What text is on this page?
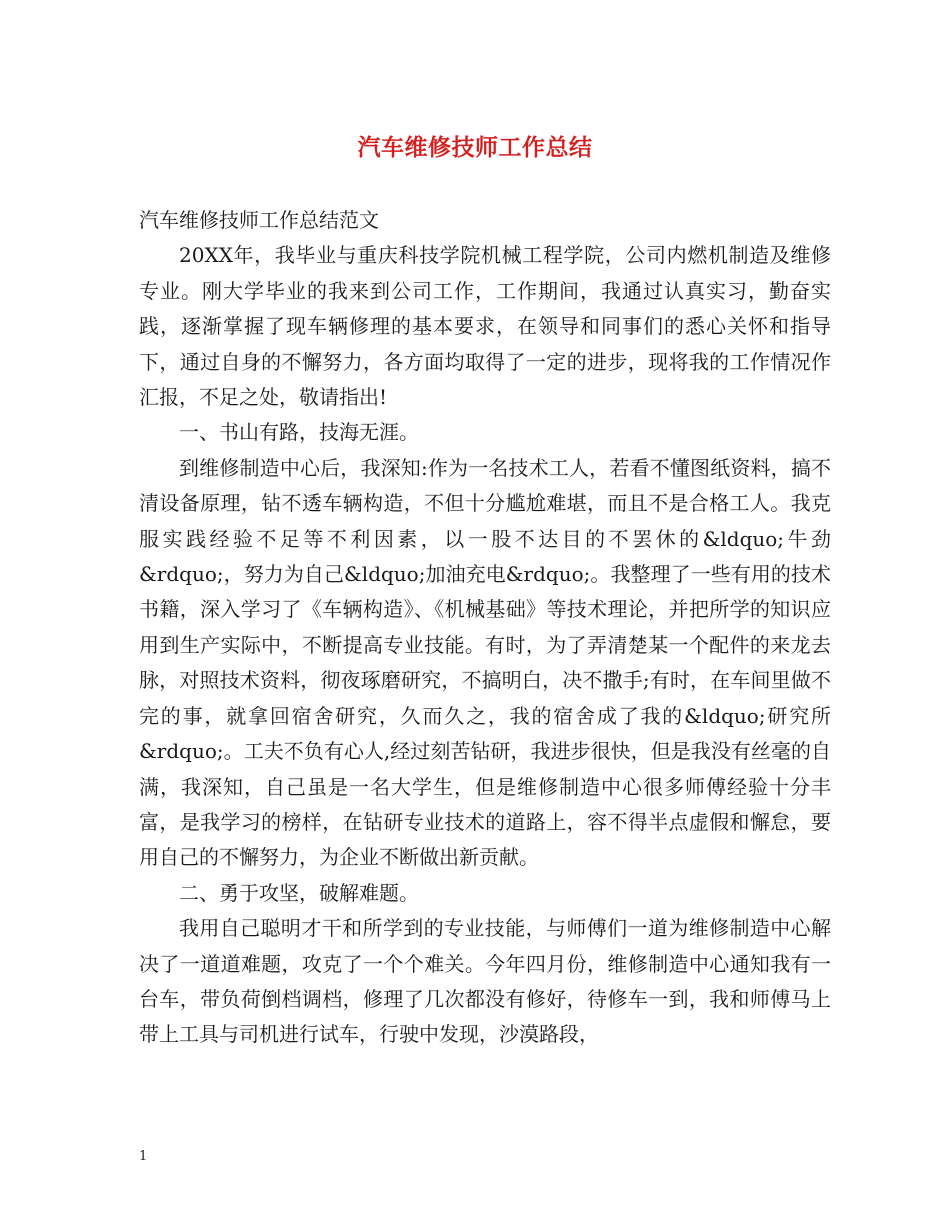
汽车维修技师工作总结

汽车维修技师工作总结范文

20XX年，我毕业与重庆科技学院机械工程学院，公司内燃机制造及维修专业。刚大学毕业的我来到公司工作，工作期间，我通过认真实习，勤奋实践，逐渐掌握了现车辆修理的基本要求，在领导和同事们的悉心关怀和指导下，通过自身的不懈努力，各方面均取得了一定的进步，现将我的工作情况作汇报，不足之处，敬请指出!

一、书山有路，技海无涯。

到维修制造中心后，我深知:作为一名技术工人，若看不懂图纸资料，搞不清设备原理，钻不透车辆构造，不但十分尴尬难堪，而且不是合格工人。我克服实践经验不足等不利因素，以一股不达目的不罢休的&ldquo;牛劲&rdquo;，努力为自己&ldquo;加油充电&rdquo;。我整理了一些有用的技术书籍，深入学习了《车辆构造》、《机械基础》等技术理论，并把所学的知识应用到生产实际中，不断提高专业技能。有时，为了弄清楚某一个配件的来龙去脉，对照技术资料，彻夜琢磨研究，不搞明白，决不撒手;有时，在车间里做不完的事，就拿回宿舍研究，久而久之，我的宿舍成了我的&ldquo;研究所&rdquo;。工夫不负有心人,经过刻苦钻研，我进步很快，但是我没有丝毫的自满，我深知，自己虽是一名大学生，但是维修制造中心很多师傅经验十分丰富，是我学习的榜样，在钻研专业技术的道路上，容不得半点虚假和懈怠，要用自己的不懈努力，为企业不断做出新贡献。

二、勇于攻坚，破解难题。

我用自己聪明才干和所学到的专业技能，与师傅们一道为维修制造中心解决了一道道难题，攻克了一个个难关。今年四月份，维修制造中心通知我有一台车，带负荷倒档调档，修理了几次都没有修好，待修车一到，我和师傅马上带上工具与司机进行试车，行驶中发现，沙漠路段，

1
